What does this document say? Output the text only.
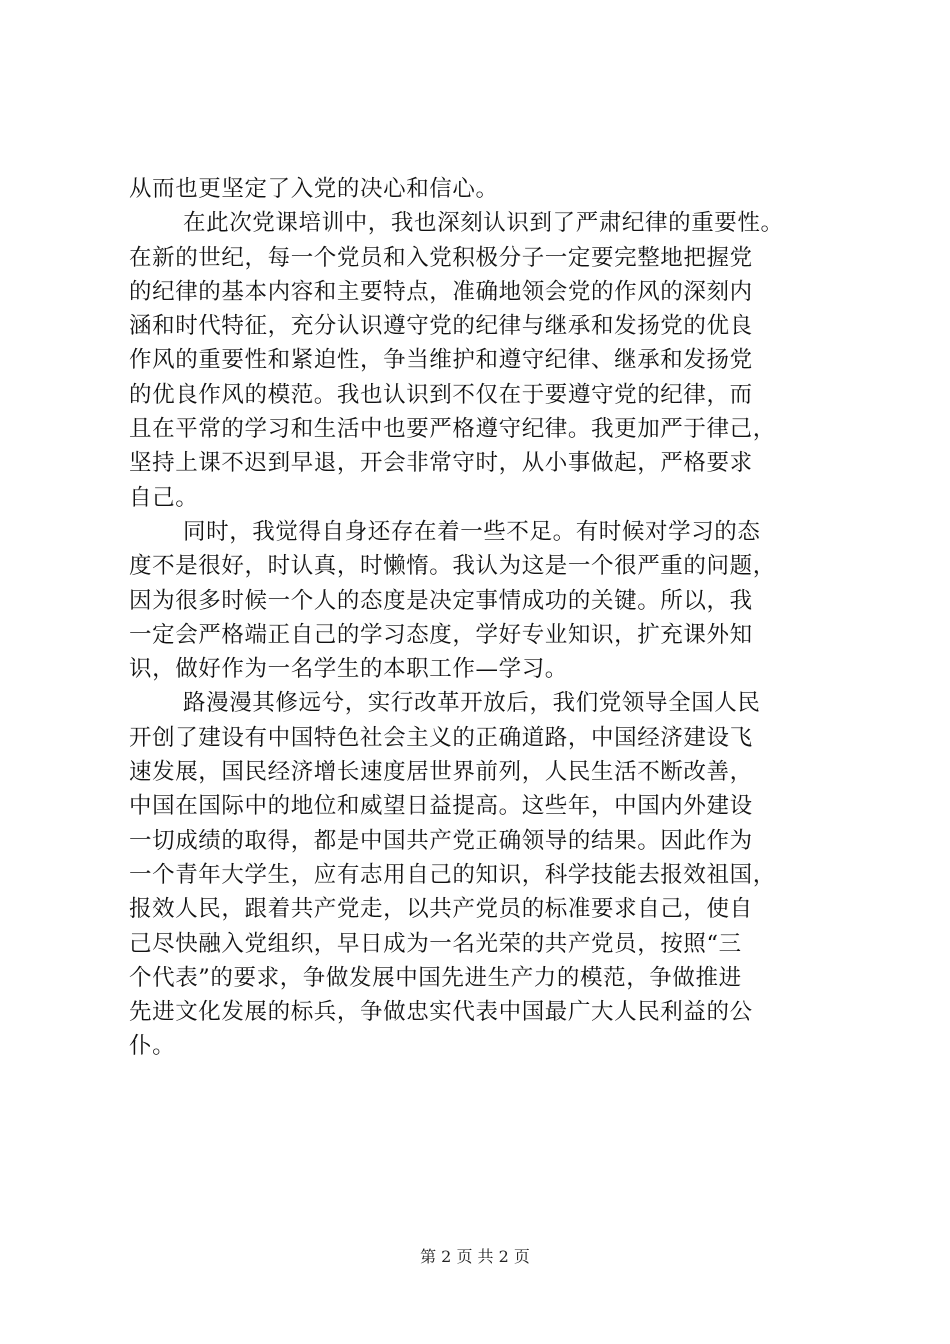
从而也更坚定了入党的决心和信心。
在此次党课培训中，我也深刻认识到了严肃纪律的重要性。
在新的世纪，每一个党员和入党积极分子一定要完整地把握党
的纪律的基本内容和主要特点，准确地领会党的作风的深刻内
涵和时代特征，充分认识遵守党的纪律与继承和发扬党的优良
作风的重要性和紧迫性，争当维护和遵守纪律、继承和发扬党
的优良作风的模范。我也认识到不仅在于要遵守党的纪律，而
且在平常的学习和生活中也要严格遵守纪律。我更加严于律己，
坚持上课不迟到早退，开会非常守时，从小事做起，严格要求
自己。
同时，我觉得自身还存在着一些不足。有时候对学习的态
度不是很好，时认真，时懒惰。我认为这是一个很严重的问题，
因为很多时候一个人的态度是决定事情成功的关键。所以，我
一定会严格端正自己的学习态度，学好专业知识，扩充课外知
识，做好作为一名学生的本职工作—学习。
路漫漫其修远兮，实行改革开放后，我们党领导全国人民
开创了建设有中国特色社会主义的正确道路，中国经济建设飞
速发展，国民经济增长速度居世界前列，人民生活不断改善，
中国在国际中的地位和威望日益提高。这些年，中国内外建设
一切成绩的取得，都是中国共产党正确领导的结果。因此作为
一个青年大学生，应有志用自己的知识，科学技能去报效祖国，
报效人民，跟着共产党走，以共产党员的标准要求自己，使自
己尽快融入党组织，早日成为一名光荣的共产党员，按照“三
个代表”的要求，争做发展中国先进生产力的模范，争做推进
先进文化发展的标兵，争做忠实代表中国最广大人民利益的公
仆。
第 2 页 共 2 页
